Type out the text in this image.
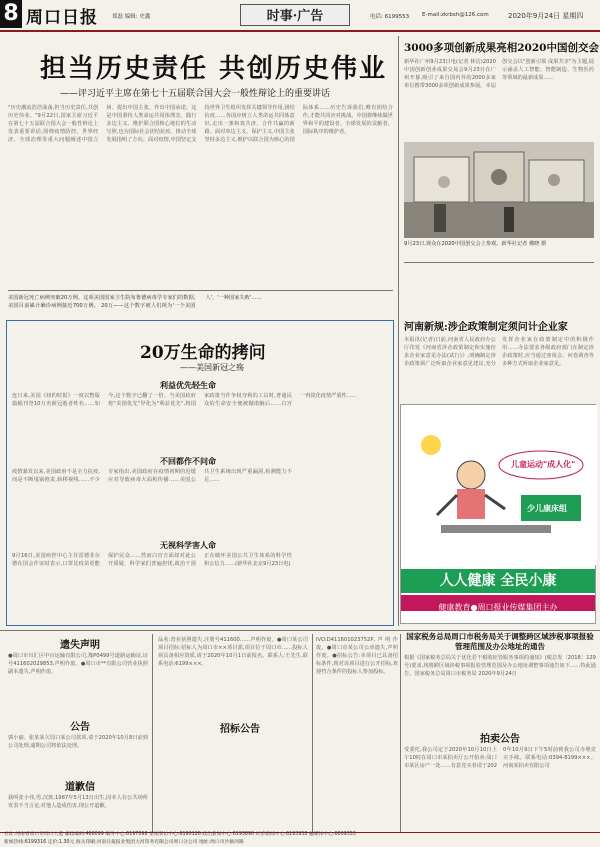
8 周口日报	郑磊 编辑: 史鑫	时事·广告	电话: 6199553 E-mail:zkrbsh@126.com	2020年9月24日 星期四
担当历史责任 共创历史伟业
——评习近平主席在第七十五届联合国大会一般性辩论上的重要讲话
"历史潮流浩浩荡荡,担当历史责任,共创历史伟业。"9月22日,国家主席习近平在第七十五届联合国大会一般性辩论上发表重要讲话,围绕疫情防控、世界经济、全球治理等重大问题阐述中国立场、提出中国主张、作出中国承诺。这是中国秉持人类命运共同体理念、践行多边主义、维护联合国核心地位的生动写照,也为国际社会团结抗疫、推动全球发展指明了方向。面对疫情,中国坚定支持世界卫生组织发挥关键领导作用,团结抗疫……各国应树立人类命运共同体意识,走出一条和衷共济、合作共赢的新路。面对单边主义、保护主义,中国主张坚持多边主义,维护以联合国为核心的国际体系……历史告诉我们,唯有团结合作,才能共同应对挑战。中国将继续做世界和平的建设者、全球发展的贡献者、国际秩序的维护者。
美国新冠死亡病例突破20万例。这项美国国家卫生院布鲁德病毒学专家们的数据,美国目前累计确诊病例接近700万例。 20万——这个数字被人们视为'一个美国人'、'一种国家失败'……
3000多项创新成果亮相2020中国创交会
新华社广州9月23日电(记者 林洁)2020中国创新创业成果交易会9月23日在广州开幕,吸引了来自国内外的2000多家单位携带3000多项创新成果参展。本届创交会以"创新引领 成果共享"为主题,展示涵盖人工智能、智能制造、生物医药等领域的最新成果……
9月23日,观众在2020中国创交会上参观。新华社记者 佛晓 摄
河南新规:涉企政策制定须问计企业家
本报讯(记者)日前,河南省人民政府办公厅印发《河南省涉企政策制定和实施征求企业家意见办法(试行)》,明确制定涉企政策须广泛听取企业家意见建议,充分发挥企业家在政策制定中的积极作用……办法要求各级政府部门在制定涉企政策时,应当通过座谈会、问卷调查等多种方式听取企业家意见。
20万生命的拷问
——美国新冠之殇
利益优先轻生命
连日来,美国《纽约时报》一度以整版篇幅刊登10万名新冠逝者姓名……如今,这个数字已翻了一倍。当美国政府将"美国优先"异化为"利益优先",将国家政策当作争权夺利的工具时,普通民众的生命安全便被抛诸脑后……白宫一再淡化疫情严重性……
不回都作不问命
疫情暴发以来,美国政府不是全力抗疫,而是不断甩锅推责,转移视线……不少专家指出,美国政府在疫情初期的迟缓应对导致病毒大面积传播……美国公共卫生系统出现严重漏洞,检测能力不足……
无视科学害人命
9月16日,美国疾控中心主任雷德菲尔德在国会作证时表示,口罩比疫苗更能保护民众……然而白宫方面却对此公开质疑。科学家们普遍担忧,政治干预正在破坏美国公共卫生体系的科学性和公信力……(新华社北京9月23日电)
儿童运动"成人化"
少儿康床组
人人健康 全民小康
健康教育●周口报业传媒集团主办
遗失声明
●周口市川汇区中百运输有限公司,豫P0499号道路运输证,证号411602029853,声明作废。●周口市**有限公司营业执照副本遗失,声明作废。
公告
郭小丽、张某某欠周口某公司款项,请于2020年10月8日前到公司处理,逾期公司将依法处理。
道歉信
我叫张小伟,男,汉族,1987年5月13日出生,因本人在公共场所发表不当言论,对他人造成伤害,现公开道歉。
招标公告
品名:营业执照遗失,注册号411600……声明作废。●周口某公司项目招标:招标人为周口市××项目部,项目位于周口市……投标人须具备相应资质,请于2020年10月1日前报名。联系人:王先生,联系电话:6199×××。
IVO:D411601023752P,声明作废。●周口市某公司公章遗失,声明作废。●招标公告:本项目已具备招标条件,现对该项目进行公开招标,欢迎符合条件的投标人参加投标。
国家税务总局周口市税务局关于调整跨区域涉税事项报验管理范围及办公地址的通告
根据《国家税务总局关于优化若干税收征管服务事项的通知》(税总发〔2018〕129号)要求,现将跨区域涉税事项报验管理范围及办公地址调整事项通告如下……特此通告。国家税务总局周口市税务局 2020年9月24日
拍卖公告
受委托,我公司定于2020年10月10日上午10时在周口市某拍卖厅公开拍卖:周口市某区房产一处……有意竞买者请于2020年10月9日下午5时前到我公司办理竞买手续。联系电话:0394-8199×××。河南某拍卖有限公司
社址:河南省周口市周口大道 邮政编码:466099 编务中心:6197098 要闻采访中心:6190126 政治新闻中心:6193890 经济新闻中心:6193958 融媒体中心:6009353
新闻热线:6199316 定价:1.30元 海关印刷:河南日报报业集团大河印务有限公司周口分公司 地址:周口市沙颍河路
